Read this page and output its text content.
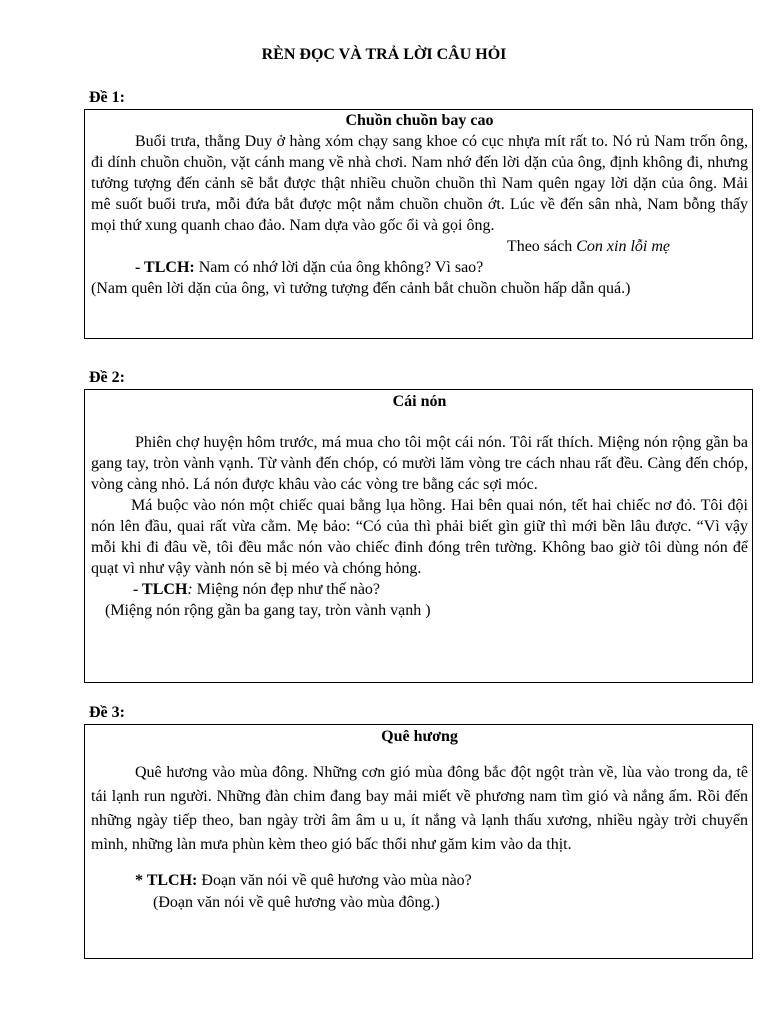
RÈN ĐỌC VÀ TRẢ LỜI CÂU HỎI
Đề 1:
Chuồn chuồn bay cao

Buổi trưa, thằng Duy ở hàng xóm chạy sang khoe có cục nhựa mít rất to. Nó rủ Nam trốn ông, đi dính chuồn chuồn, vặt cánh mang về nhà chơi. Nam nhớ đến lời dặn của ông, định không đi, nhưng tưởng tượng đến cảnh sẽ bắt được thật nhiều chuồn chuồn thì Nam quên ngay lời dặn của ông. Mải mê suốt buổi trưa, mỗi đứa bắt được một nắm chuồn chuồn ớt. Lúc về đến sân nhà, Nam bỗng thấy mọi thứ xung quanh chao đảo. Nam dựa vào gốc ổi và gọi ông.

Theo sách Con xin lỗi mẹ

- TLCH: Nam có nhớ lời dặn của ông không? Vì sao?

(Nam quên lời dặn của ông, vì tưởng tượng đến cảnh bắt chuồn chuồn hấp dẫn quá.)

Đề 2:
Cái nón

Phiên chợ huyện hôm trước, má mua cho tôi một cái nón. Tôi rất thích. Miệng nón rộng gần ba gang tay, tròn vành vạnh. Từ vành đến chóp, có mười lăm vòng tre cách nhau rất đều. Càng đến chóp, vòng càng nhỏ. Lá nón được khâu vào các vòng tre bằng các sợi móc.

Má buộc vào nón một chiếc quai bằng lụa hồng. Hai bên quai nón, tết hai chiếc nơ đỏ. Tôi đội nón lên đầu, quai rất vừa cằm. Mẹ bảo: “Có của thì phải biết gìn giữ thì mới bền lâu được. “Vì vậy mỗi khi đi đâu về, tôi đều mắc nón vào chiếc đinh đóng trên tường. Không bao giờ tôi dùng nón để quạt vì như vậy vành nón sẽ bị méo và chóng hỏng.

- TLCH: Miệng nón đẹp như thế nào?

(Miệng nón rộng gần ba gang tay, tròn vành vạnh )

Đề 3:
Quê hương

Quê hương vào mùa đông. Những cơn gió mùa đông bắc đột ngột tràn về, lùa vào trong da, tê tái lạnh run người. Những đàn chim đang bay mải miết về phương nam tìm gió và nắng ấm. Rồi đến những ngày tiếp theo, ban ngày trời âm âm u u, ít nắng và lạnh thấu xương, nhiều ngày trời chuyển mình, những làn mưa phùn kèm theo gió bấc thổi như găm kim vào da thịt.

* TLCH: Đoạn văn nói về quê hương vào mùa nào?

(Đoạn văn nói về quê hương vào mùa đông.)
